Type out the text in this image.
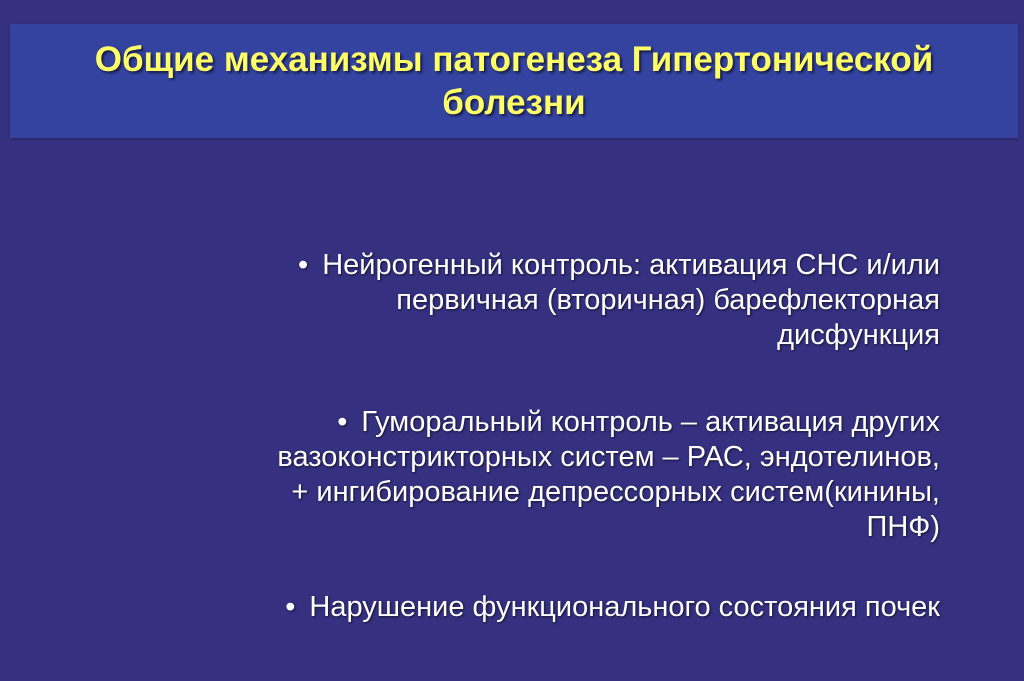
Общие механизмы патогенеза Гипертонической болезни
• Нейрогенный контроль: активация СНС и/или
первичная (вторичная) барефлекторная
дисфункция
• Гуморальный контроль – активация других
вазоконстрикторных систем – РАС, эндотелинов,
+ ингибирование депрессорных систем(кинины,
ПНФ)
• Нарушение функционального состояния почек
